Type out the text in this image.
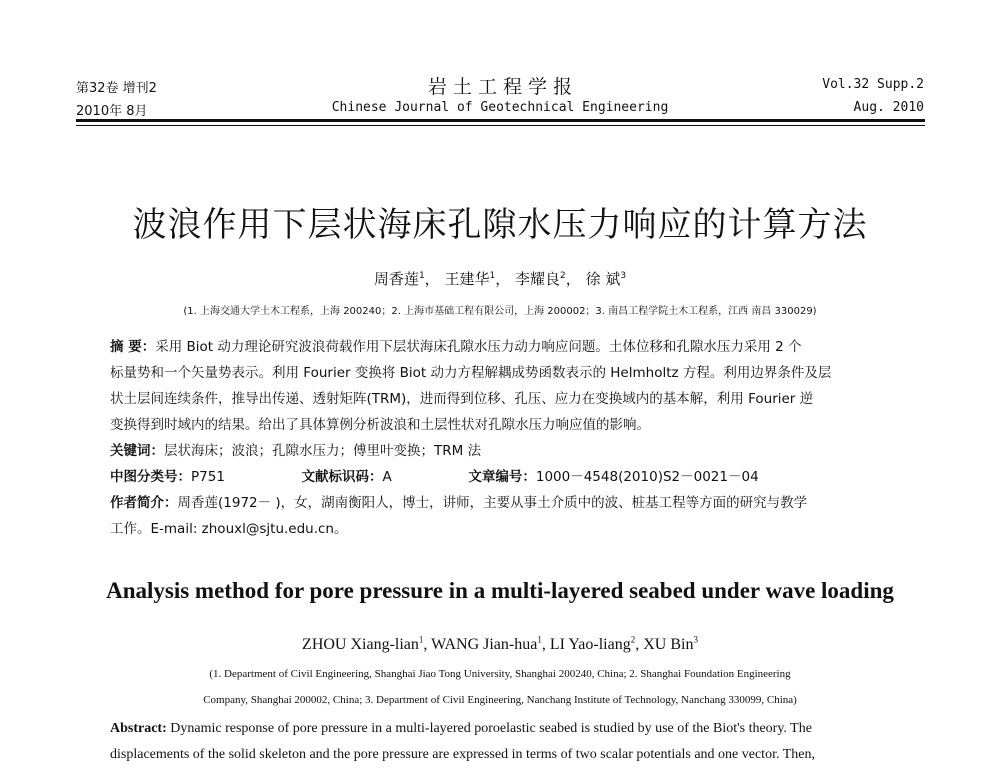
第32卷 增刊2
2010年 8月
岩 土 工 程 学 报
Chinese Journal of Geotechnical Engineering
Vol.32 Supp.2
Aug. 2010
波浪作用下层状海床孔隙水压力响应的计算方法
周香莲$^1$， 王建华$^1$， 李耀良$^2$， 徐 斌$^3$
(1. 上海交通大学土木工程系，上海 200240；2. 上海市基础工程有限公司，上海 200002；3. 南昌工程学院土木工程系，江西 南昌 330029)
摘 要：采用 Biot 动力理论研究波浪荷载作用下层状海床孔隙水压力动力响应问题。土体位移和孔隙水压力采用 2 个
标量势和一个矢量势表示。利用 Fourier 变换将 Biot 动力方程解耦成势函数表示的 Helmholtz 方程。利用边界条件及层
状土层间连续条件，推导出传递、透射矩阵(TRM)，进而得到位移、孔压、应力在变换域内的基本解，利用 Fourier 逆
变换得到时域内的结果。给出了具体算例分析波浪和土层性状对孔隙水压力响应值的影响。
关键词：层状海床；波浪；孔隙水压力；傅里叶变换；TRM 法
中图分类号：P751	文献标识码：A	文章编号：1000－4548(2010)S2－0021－04
作者简介：周香莲(1972－ )，女，湖南衡阳人，博士，讲师，主要从事土介质中的波、桩基工程等方面的研究与教学
工作。E-mail: zhouxl@sjtu.edu.cn。
Analysis method for pore pressure in a multi-layered seabed under wave loading
ZHOU Xiang-lian$^1$, WANG Jian-hua$^1$, LI Yao-liang$^2$, XU Bin$^3$
(1. Department of Civil Engineering, Shanghai Jiao Tong University, Shanghai 200240, China; 2. Shanghai Foundation Engineering
Company, Shanghai 200002, China; 3. Department of Civil Engineering, Nanchang Institute of Technology, Nanchang 330099, China)
Abstract: Dynamic response of pore pressure in a multi-layered poroelastic seabed is studied by use of the Biot's theory. The
displacements of the solid skeleton and the pore pressure are expressed in terms of two scalar potentials and one vector. Then,
